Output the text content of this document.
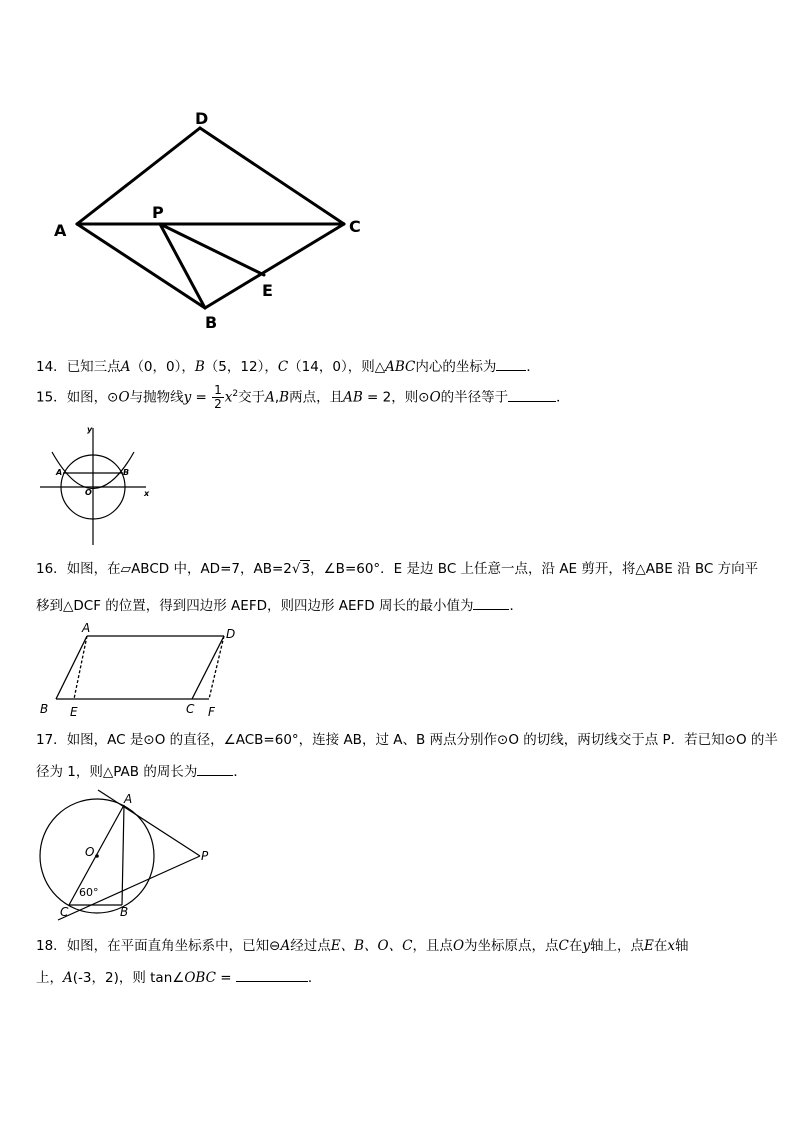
D
A
P
C
E
B
14．已知三点A（0，0），B（5，12），C（14，0），则△ABC内心的坐标为 ．
15．如图，⊙O与抛物线$y = \frac{1}{2} x^2$交于A,B两点，且AB = 2，则⊙O的半径等于	．
y
A	B
O	x
16．如图，在▱ABCD 中，AD=7，AB=2√3，∠B=60°．E 是边 BC 上任意一点，沿 AE 剪开，将△ABE 沿 BC 方向平
移到△DCF 的位置，得到四边形 AEFD，则四边形 AEFD 周长的最小值为	．
A	D
B E	C F
17．如图，AC 是⊙O 的直径，∠ACB=60°，连接 AB，过 A、B 两点分别作⊙O 的切线，两切线交于点 P．若已知⊙O 的半
径为 1，则△PAB 的周长为	．
A
O	P
C	B
60°
18．如图，在平面直角坐标系中，已知⊖A经过点E、B、O、C，且点O为坐标原点，点C在y轴上，点E在x轴
上，A(-3，2)，则 tan∠OBC =	．
